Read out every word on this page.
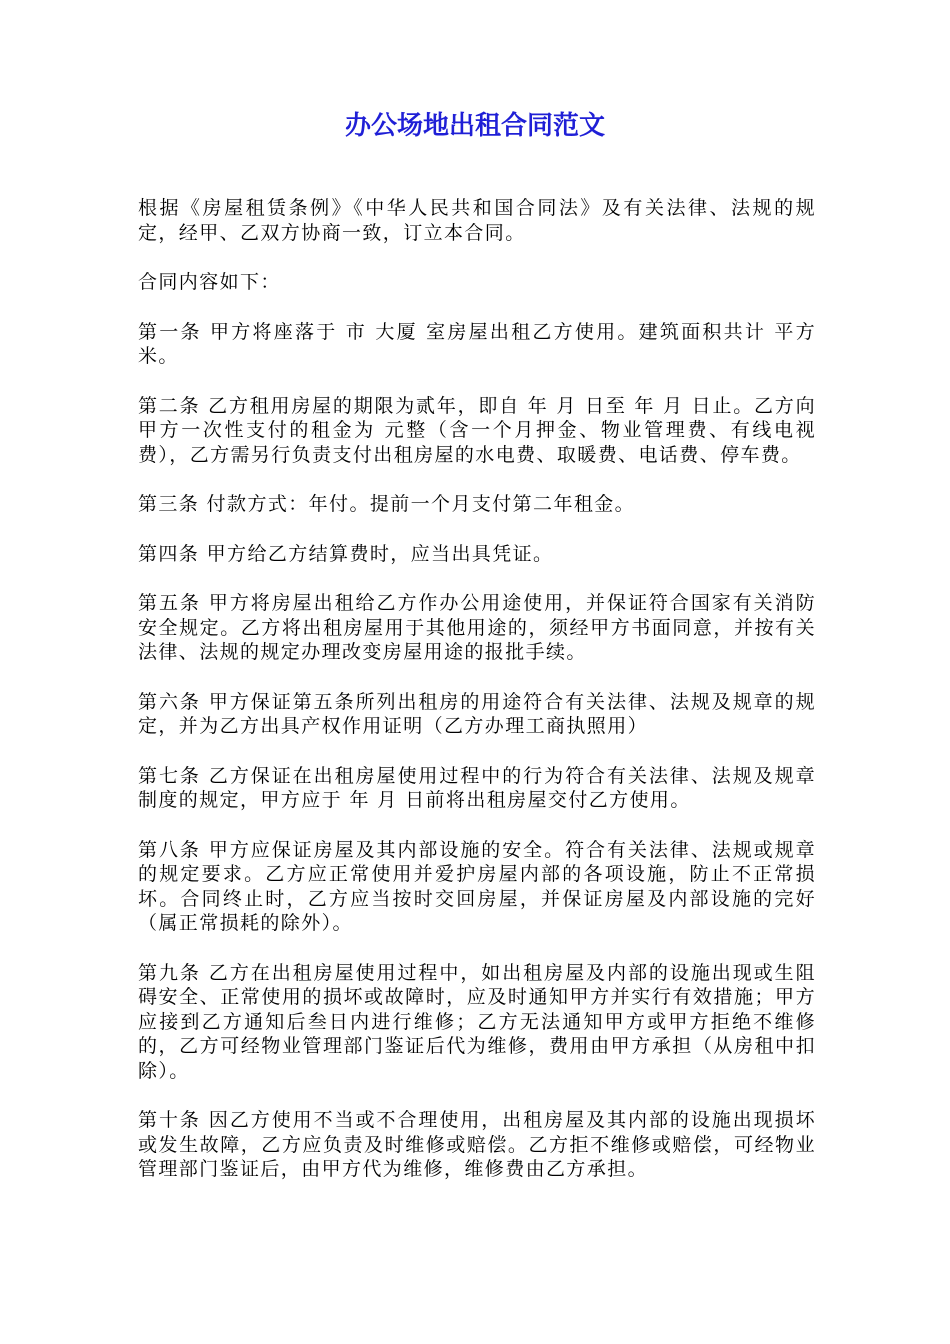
办公场地出租合同范文

根据《房屋租赁条例》《中华人民共和国合同法》及有关法律、法规的规定，经甲、乙双方协商一致，订立本合同。

合同内容如下：

第一条 甲方将座落于 市 大厦 室房屋出租乙方使用。建筑面积共计 平方米。

第二条 乙方租用房屋的期限为贰年，即自 年 月 日至 年 月 日止。乙方向甲方一次性支付的租金为 元整（含一个月押金、物业管理费、有线电视费），乙方需另行负责支付出租房屋的水电费、取暖费、电话费、停车费。

第三条 付款方式：年付。提前一个月支付第二年租金。

第四条 甲方给乙方结算费时，应当出具凭证。

第五条 甲方将房屋出租给乙方作办公用途使用，并保证符合国家有关消防安全规定。乙方将出租房屋用于其他用途的，须经甲方书面同意，并按有关法律、法规的规定办理改变房屋用途的报批手续。

第六条 甲方保证第五条所列出租房的用途符合有关法律、法规及规章的规定，并为乙方出具产权作用证明（乙方办理工商执照用）

第七条 乙方保证在出租房屋使用过程中的行为符合有关法律、法规及规章制度的规定，甲方应于 年 月 日前将出租房屋交付乙方使用。

第八条 甲方应保证房屋及其内部设施的安全。符合有关法律、法规或规章的规定要求。乙方应正常使用并爱护房屋内部的各项设施，防止不正常损坏。合同终止时，乙方应当按时交回房屋，并保证房屋及内部设施的完好（属正常损耗的除外）。

第九条 乙方在出租房屋使用过程中，如出租房屋及内部的设施出现或生阻碍安全、正常使用的损坏或故障时，应及时通知甲方并实行有效措施；甲方应接到乙方通知后叁日内进行维修；乙方无法通知甲方或甲方拒绝不维修的，乙方可经物业管理部门鉴证后代为维修，费用由甲方承担（从房租中扣除）。

第十条 因乙方使用不当或不合理使用，出租房屋及其内部的设施出现损坏或发生故障，乙方应负责及时维修或赔偿。乙方拒不维修或赔偿，可经物业管理部门鉴证后，由甲方代为维修，维修费由乙方承担。
